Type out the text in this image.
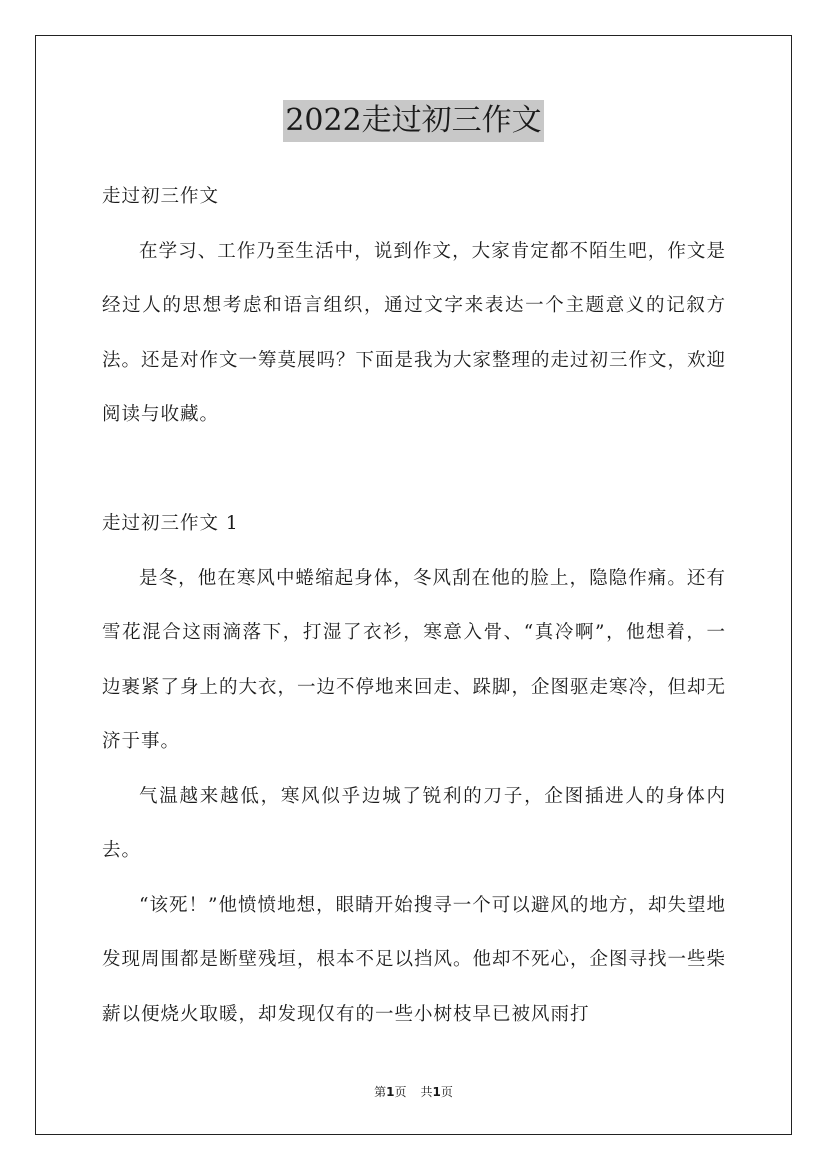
2022走过初三作文

走过初三作文

在学习、工作乃至生活中，说到作文，大家肯定都不陌生吧，作文是经过人的思想考虑和语言组织，通过文字来表达一个主题意义的记叙方法。还是对作文一筹莫展吗？下面是我为大家整理的走过初三作文，欢迎阅读与收藏。

走过初三作文 1

是冬，他在寒风中蜷缩起身体，冬风刮在他的脸上，隐隐作痛。还有雪花混合这雨滴落下，打湿了衣衫，寒意入骨、“真冷啊”，他想着，一边裹紧了身上的大衣，一边不停地来回走、跺脚，企图驱走寒冷，但却无济于事。

气温越来越低，寒风似乎边城了锐利的刀子，企图插进人的身体内去。

“该死！”他愤愤地想，眼睛开始搜寻一个可以避风的地方，却失望地发现周围都是断壁残垣，根本不足以挡风。他却不死心，企图寻找一些柴薪以便烧火取暖，却发现仅有的一些小树枝早已被风雨打

第1页 共1页
